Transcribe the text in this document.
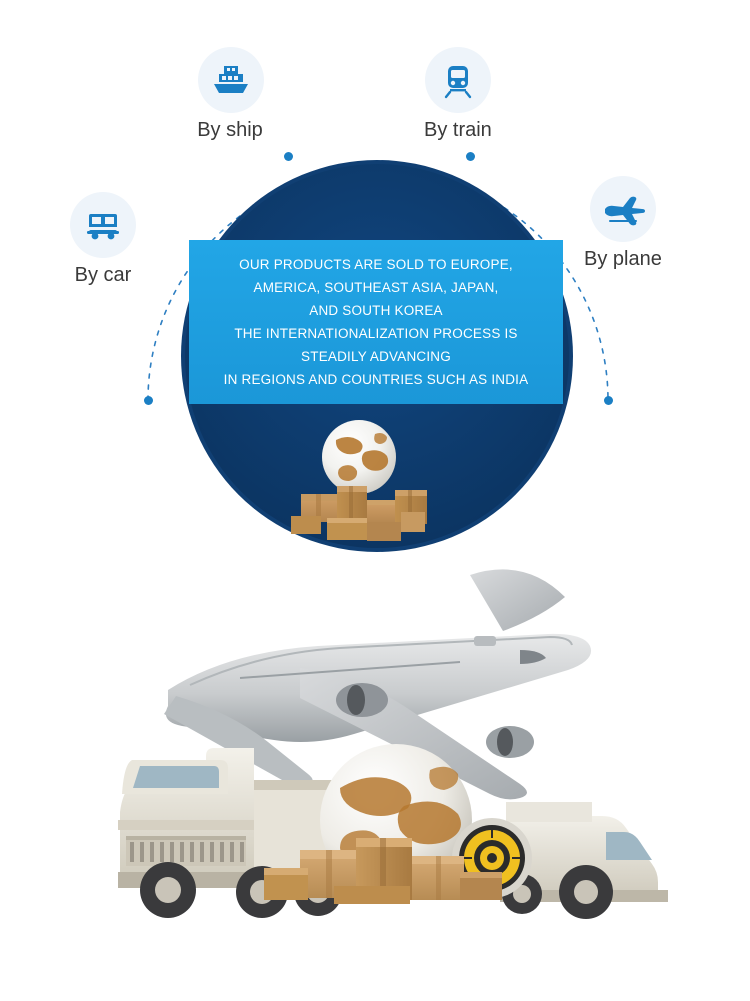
OUR PRODUCTS ARE SOLD TO EUROPE,

AMERICA, SOUTHEAST ASIA, JAPAN,

AND SOUTH KOREA

THE INTERNATIONALIZATION PROCESS IS

STEADILY ADVANCING

IN REGIONS AND COUNTRIES SUCH AS INDIA

By ship	By train
By car
By plane
